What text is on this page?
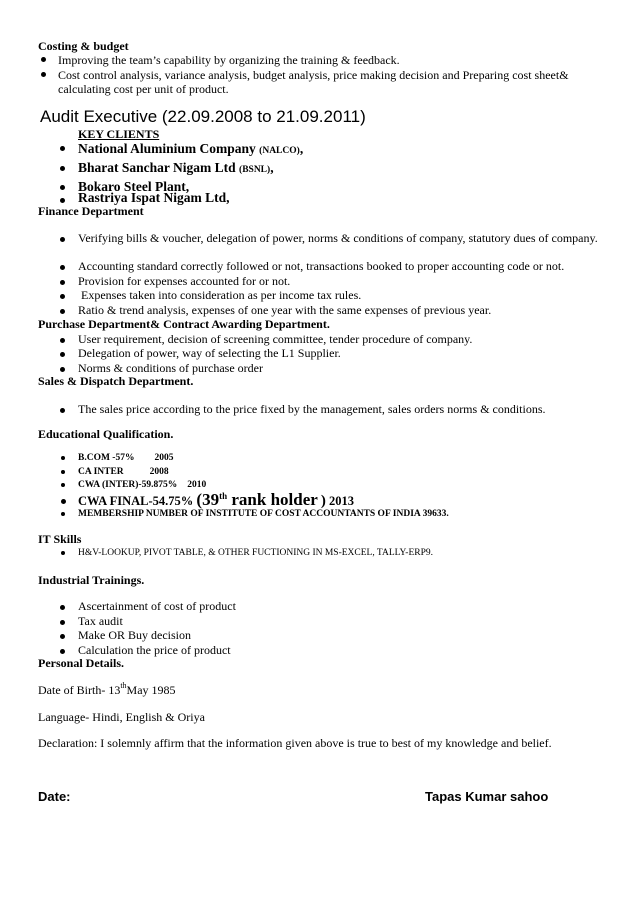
Costing & budget
Improving the team’s capability by organizing the training & feedback.
Cost control analysis, variance analysis, budget analysis, price making decision and Preparing cost sheet& calculating cost per unit of product.
Audit Executive (22.09.2008 to 21.09.2011)
KEY CLIENTS
National Aluminium Company (NALCO),
Bharat Sanchar Nigam Ltd (BSNL),
Bokaro Steel Plant,
Rastriya Ispat Nigam Ltd,
Finance Department
Verifying bills & voucher, delegation of power, norms & conditions of company, statutory dues of company.
Accounting standard correctly followed or not, transactions booked to proper accounting code or not.
Provision for expenses accounted for or not.
Expenses taken into consideration as per income tax rules.
Ratio & trend analysis, expenses of one year with the same expenses of previous year.
Purchase Department& Contract Awarding Department.
User requirement, decision of screening committee, tender procedure of company.
Delegation of power, way of selecting the L1 Supplier.
Norms & conditions of purchase order
Sales & Dispatch Department.
The sales price according to the price fixed by the management, sales orders norms & conditions.
Educational Qualification.
B.COM -57% 2005
CA INTER	2008
CWA (INTER)-59.875% 2010
CWA FINAL-54.75% (39th rank holder ) 2013
MEMBERSHIP NUMBER OF INSTITUTE OF COST ACCOUNTANTS OF INDIA 39633.
IT Skills
H&V-LOOKUP, PIVOT TABLE, & OTHER FUCTIONING IN MS-EXCEL, TALLY-ERP9.
Industrial Trainings.
Ascertainment of cost of product
Tax audit
Make OR Buy decision
Calculation the price of product
Personal Details.
Date of Birth- 13thMay 1985
Language- Hindi, English & Oriya
Declaration: I solemnly affirm that the information given above is true to best of my knowledge and belief.
Date:	Tapas Kumar sahoo
